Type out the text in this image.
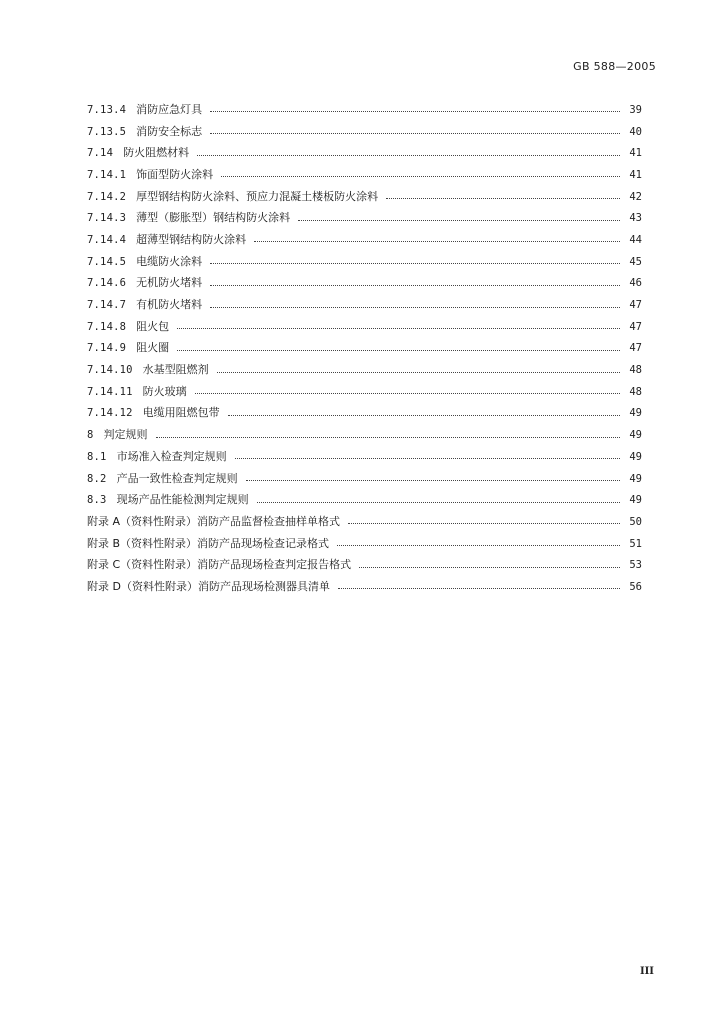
GB 588—2005
7.13.4 消防应急灯具	39
7.13.5 消防安全标志	40
7.14 防火阻燃材料	41
7.14.1 饰面型防火涂料	41
7.14.2 厚型钢结构防火涂料、预应力混凝土楼板防火涂料	42
7.14.3 薄型（膨胀型）钢结构防火涂料	43
7.14.4 超薄型钢结构防火涂料	44
7.14.5 电缆防火涂料	45
7.14.6 无机防火堵料	46
7.14.7 有机防火堵料	47
7.14.8 阻火包	47
7.14.9 阻火圈	47
7.14.10 水基型阻燃剂	48
7.14.11 防火玻璃	48
7.14.12 电缆用阻燃包带	49
8 判定规则	49
8.1 市场准入检查判定规则	49
8.2 产品一致性检查判定规则	49
8.3 现场产品性能检测判定规则	49
附录 A（资料性附录）消防产品监督检查抽样单格式	50
附录 B（资料性附录）消防产品现场检查记录格式	51
附录 C（资料性附录）消防产品现场检查判定报告格式	53
附录 D（资料性附录）消防产品现场检测器具清单	56
III
